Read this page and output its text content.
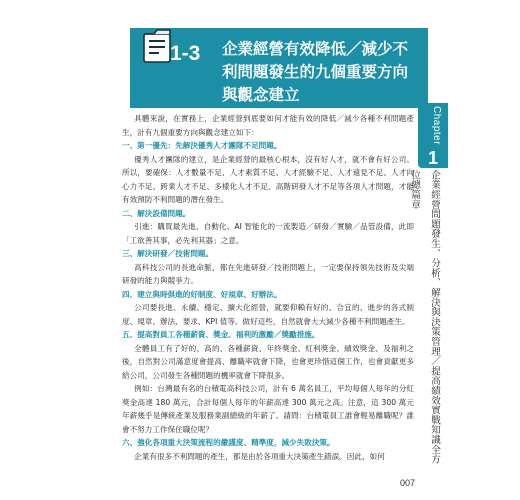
1-3	企業經營有效降低／減少不
利問題發生的九個重要方向
與觀念建立
Chapter
1
企業經營問題發生、分析、解決與決策管理／提高績效實戰知識全方位總篇章

具體來說，在實務上，企業經營到底要如何才能有效的降低／減少各種不利問題產生，計有九個重要方向與觀念建立如下：

一、第一優先：先解決優秀人才團隊不足問題。

優秀人才團隊的建立，是企業經營的最核心根本，沒有好人才，就不會有好公司。所以，要確保：人才數量不足、人才素質不足、人才經驗不足、人才遠見不足、人才向心力不足、跨業人才不足、多樣化人才不足、高階研發人才不足等各項人才問題，才能有效預防不利問題的潛在發生。

二、解決設備問題。

引進：購買最先進、自動化、AI 智能化的一流製造／研發／實驗／品管設備，此即「工欲善其事，必先利其器」之意。

三、解決研發／技術問題。

高科技公司的長進命脈，都在先進研發／技術問題上，一定要保持領先技術及尖端研發的能力與競爭力。

四、建立與時俱進的好制度、好規章、好辦法。

公司要長進、永續、穩定、擴大化經營，就要仰賴有好的、合宜的、進步的各式制度、規章、辦法、要求、KPI 值等。做好這些，自然就會大大減少各種不利問題產生。

五、提高對員工各種薪資、獎金、福利的激勵／獎勵措施。

全體員工有了好的、高的、各種薪資、年終獎金、紅利獎金、績效獎金、及福利之後，自然對公司滿意度會提高、離職率就會下降，也會更珍惜這個工作，也會貢獻更多給公司，公司發生各種問題的機率就會下降很多。

例如：台灣最有名的台積電高科技公司，計有 6 萬名員工，平均每個人每年的分紅獎金高達 180 萬元，合計每個人每年的年薪高達 300 萬元之高。注意，這 300 萬元年薪幾乎是傳統產業及服務業副總級的年薪了。請問：台積電員工誰會輕易離職呢？誰會不努力工作保住職位呢？

六、強化各項重大決策流程的嚴謹度、精準度，減少失敗決策。

企業有很多不利問題的產生，都是由於各項重大決策產生錯誤。因此，如何

007
